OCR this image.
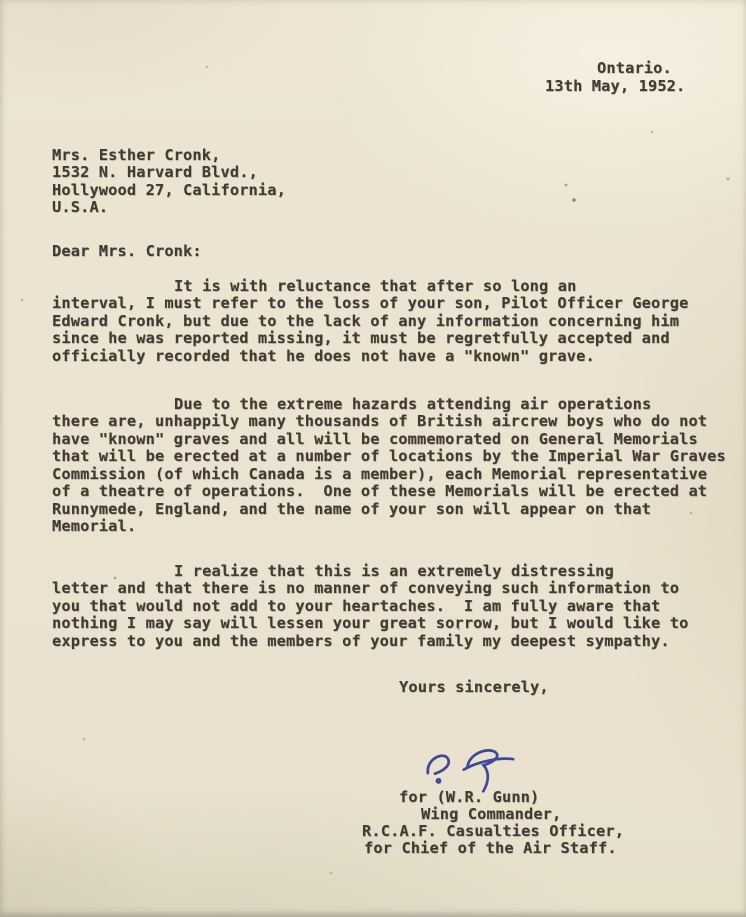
Ontario.
13th May, 1952.
Mrs. Esther Cronk,
1532 N. Harvard Blvd.,
Hollywood 27, California,
U.S.A.
Dear Mrs. Cronk:
It is with reluctance that after so long an
interval, I must refer to the loss of your son, Pilot Officer George
Edward Cronk, but due to the lack of any information concerning him
since he was reported missing, it must be regretfully accepted and
officially recorded that he does not have a "known" grave.
Due to the extreme hazards attending air operations
there are, unhappily many thousands of British aircrew boys who do not
have "known" graves and all will be commemorated on General Memorials
that will be erected at a number of locations by the Imperial War Graves
Commission (of which Canada is a member), each Memorial representative
of a theatre of operations.  One of these Memorials will be erected at
Runnymede, England, and the name of your son will appear on that
Memorial.
I realize that this is an extremely distressing
letter and that there is no manner of conveying such information to
you that would not add to your heartaches.  I am fully aware that
nothing I may say will lessen your great sorrow, but I would like to
express to you and the members of your family my deepest sympathy.
Yours sincerely,
for (W.R. Gunn)
Wing Commander,
R.C.A.F. Casualties Officer,
for Chief of the Air Staff.
